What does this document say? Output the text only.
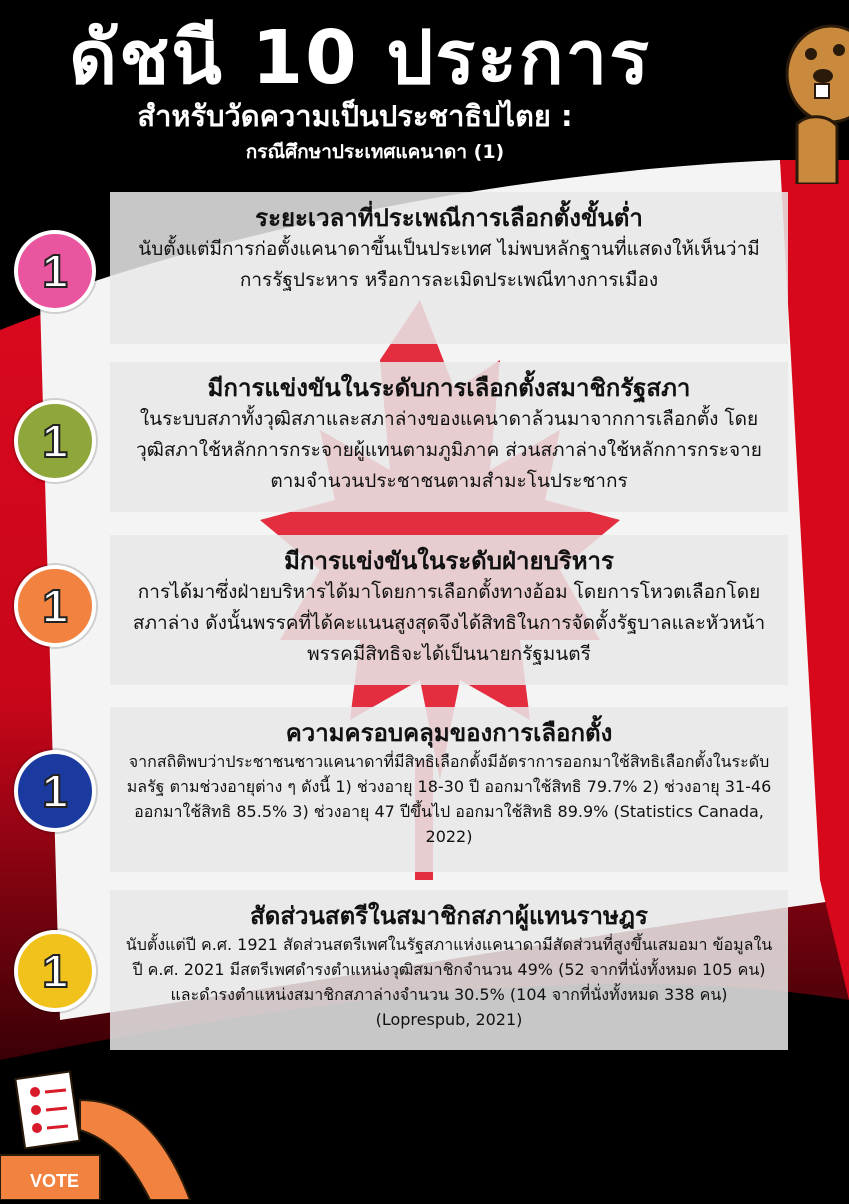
ดัชนี 10 ประการ
สำหรับวัดความเป็นประชาธิปไตย :
กรณีศึกษาประเทศแคนาดา (1)
1
ระยะเวลาที่ประเพณีการเลือกตั้งขั้นต่ำ

นับตั้งแต่มีการก่อตั้งแคนาดาขึ้นเป็นประเทศ ไม่พบหลักฐานที่แสดงให้เห็นว่ามีการรัฐประหาร หรือการละเมิดประเพณีทางการเมือง

1
มีการแข่งขันในระดับการเลือกตั้งสมาชิกรัฐสภา

ในระบบสภาทั้งวุฒิสภาและสภาล่างของแคนาดาล้วนมาจากการเลือกตั้ง โดยวุฒิสภาใช้หลักการกระจายผู้แทนตามภูมิภาค ส่วนสภาล่างใช้หลักการกระจายตามจำนวนประชาชนตามสำมะโนประชากร

1
มีการแข่งขันในระดับฝ่ายบริหาร

การได้มาซึ่งฝ่ายบริหารได้มาโดยการเลือกตั้งทางอ้อม โดยการโหวตเลือกโดยสภาล่าง ดังนั้นพรรคที่ได้คะแนนสูงสุดจึงได้สิทธิในการจัดตั้งรัฐบาลและหัวหน้าพรรคมีสิทธิจะได้เป็นนายกรัฐมนตรี

1
ความครอบคลุมของการเลือกตั้ง

จากสถิติพบว่าประชาชนชาวแคนาดาที่มีสิทธิเลือกตั้งมีอัตราการออกมาใช้สิทธิเลือกตั้งในระดับมลรัฐ ตามช่วงอายุต่าง ๆ ดังนี้ 1) ช่วงอายุ 18-30 ปี ออกมาใช้สิทธิ 79.7% 2) ช่วงอายุ 31-46 ออกมาใช้สิทธิ 85.5% 3) ช่วงอายุ 47 ปีขึ้นไป ออกมาใช้สิทธิ 89.9% (Statistics Canada, 2022)

1
สัดส่วนสตรีในสมาชิกสภาผู้แทนราษฎร

นับตั้งแต่ปี ค.ศ. 1921 สัดส่วนสตรีเพศในรัฐสภาแห่งแคนาดามีสัดส่วนที่สูงขึ้นเสมอมา ข้อมูลในปี ค.ศ. 2021 มีสตรีเพศดำรงตำแหน่งวุฒิสมาชิกจำนวน 49% (52 จากที่นั่งทั้งหมด 105 คน) และดำรงตำแหน่งสมาชิกสภาล่างจำนวน 30.5% (104 จากที่นั่งทั้งหมด 338 คน) (Loprespub, 2021)

VOTE
